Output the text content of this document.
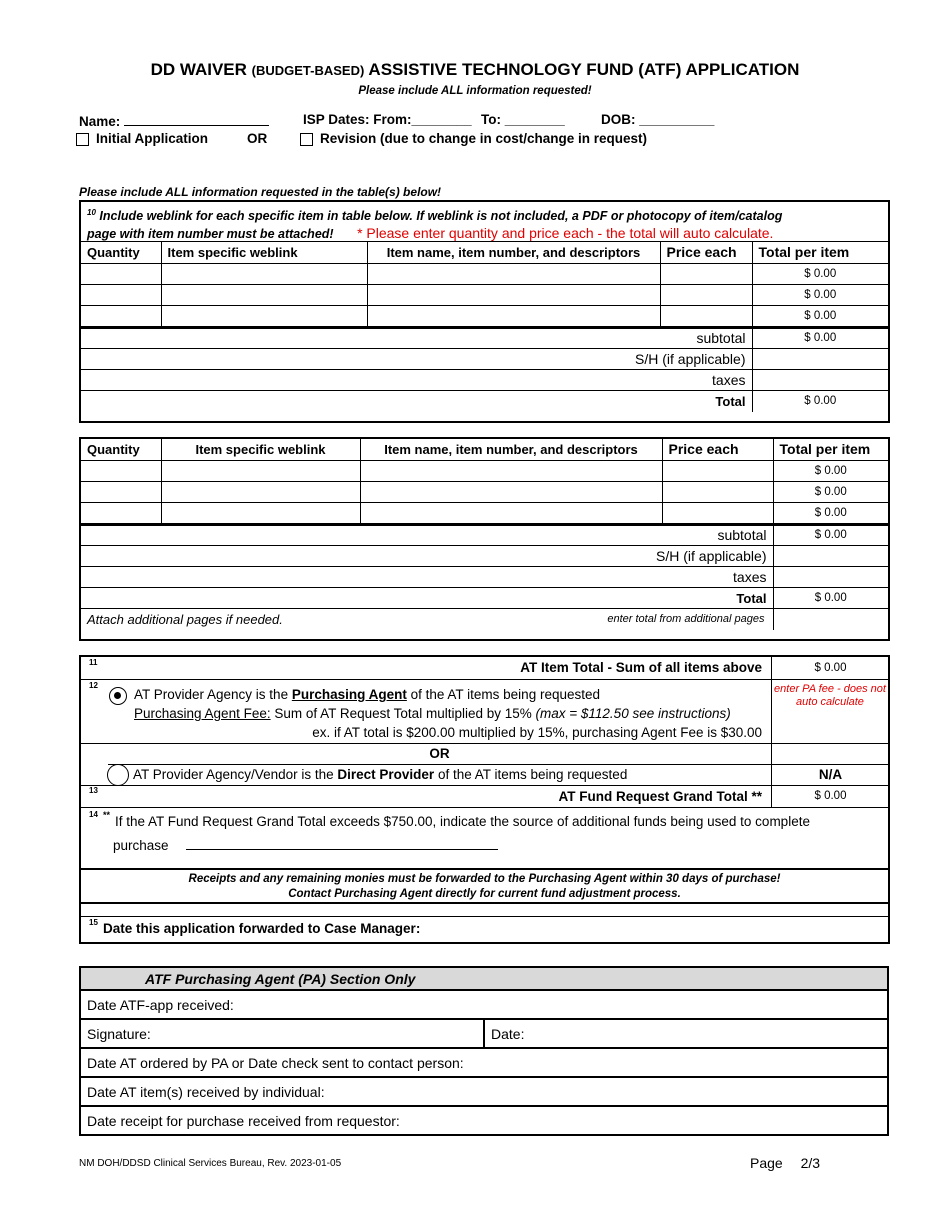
DD WAIVER (BUDGET-BASED) ASSISTIVE TECHNOLOGY FUND (ATF) APPLICATION
Please include ALL information requested!
Name:	ISP Dates: From:________ To: ________	DOB: __________
Initial Application	OR	Revision (due to change in cost/change in request)
Please include ALL information requested in the table(s) below!
$^{10}$ Include weblink for each specific item in table below. If weblink is not included, a PDF or photocopy of item/catalog
page with item number must be attached! * Please enter quantity and price each - the total will auto calculate.
Quantity	Item specific weblink	Item name, item number, and descriptors	Price each	Total per item
				$ 0.00
				$ 0.00
				$ 0.00
subtotal	$ 0.00
S/H (if applicable)	
taxes	
Total	$ 0.00
Quantity	Item specific weblink	Item name, item number, and descriptors	Price each	Total per item
				$ 0.00
				$ 0.00
				$ 0.00
subtotal	$ 0.00
S/H (if applicable)	
taxes	
Total	$ 0.00
Attach additional pages if needed. enter total from additional pages	

11	AT Item Total - Sum of all items above	$ 0.00
12
AT Provider Agency is the Purchasing Agent of the AT items being requested
Purchasing Agent Fee: Sum of AT Request Total multiplied by 15% (max = $112.50 see instructions)
ex. if AT total is $200.00 multiplied by 15%, purchasing Agent Fee is $30.00
enter PA fee - does not auto calculate
OR
AT Provider Agency/Vendor is the Direct Provider of the AT items being requested	N/A
13	AT Fund Request Grand Total **	$ 0.00
14 ** If the AT Fund Request Grand Total exceeds $750.00, indicate the source of additional funds being used to complete
purchase
Receipts and any remaining monies must be forwarded to the Purchasing Agent within 30 days of purchase!
Contact Purchasing Agent directly for current fund adjustment process.
15 Date this application forwarded to Case Manager:
ATF Purchasing Agent (PA) Section Only
Date ATF-app received:
Signature:	Date:
Date AT ordered by PA or Date check sent to contact person:
Date AT item(s) received by individual:
Date receipt for purchase received from requestor:
NM DOH/DDSD Clinical Services Bureau, Rev. 2023-01-05	Page 2/3
